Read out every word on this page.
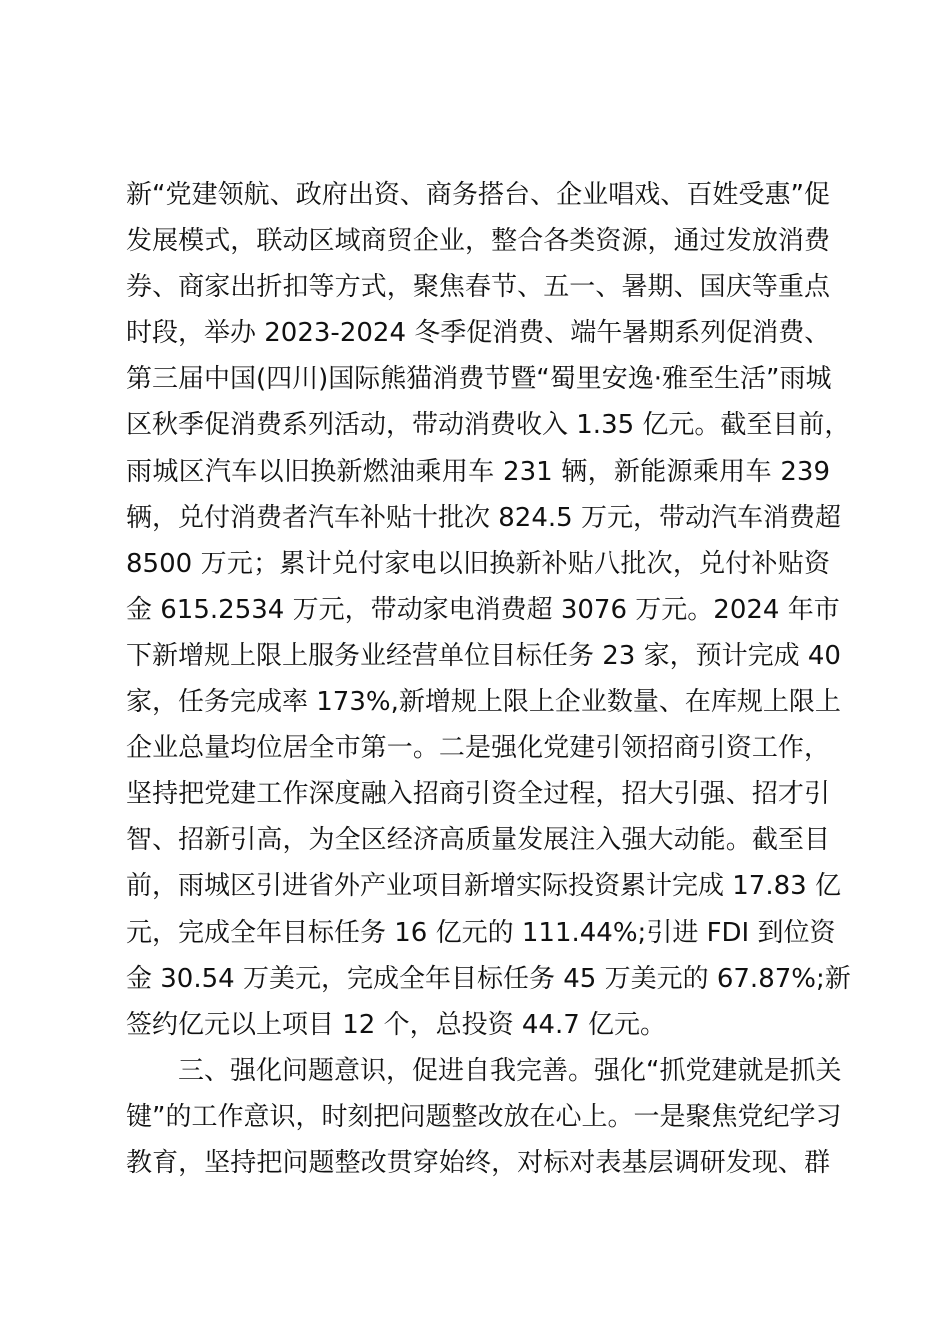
新“党建领航、政府出资、商务搭台、企业唱戏、百姓受惠”促
发展模式，联动区域商贸企业，整合各类资源，通过发放消费
券、商家出折扣等方式，聚焦春节、五一、暑期、国庆等重点
时段，举办 2023-2024 冬季促消费、端午暑期系列促消费、
第三届中国(四川)国际熊猫消费节暨“蜀里安逸·雅至生活”雨城
区秋季促消费系列活动，带动消费收入 1.35 亿元。截至目前，
雨城区汽车以旧换新燃油乘用车 231 辆，新能源乘用车 239
辆，兑付消费者汽车补贴十批次 824.5 万元，带动汽车消费超
8500 万元；累计兑付家电以旧换新补贴八批次，兑付补贴资
金 615.2534 万元，带动家电消费超 3076 万元。2024 年市
下新增规上限上服务业经营单位目标任务 23 家，预计完成 40
家，任务完成率 173%,新增规上限上企业数量、在库规上限上
企业总量均位居全市第一。二是强化党建引领招商引资工作，
坚持把党建工作深度融入招商引资全过程，招大引强、招才引
智、招新引高，为全区经济高质量发展注入强大动能。截至目
前，雨城区引进省外产业项目新增实际投资累计完成 17.83 亿
元，完成全年目标任务 16 亿元的 111.44%;引进 FDI 到位资
金 30.54 万美元，完成全年目标任务 45 万美元的 67.87%;新
签约亿元以上项目 12 个，总投资 44.7 亿元。
三、强化问题意识，促进自我完善。强化“抓党建就是抓关
键”的工作意识，时刻把问题整改放在心上。一是聚焦党纪学习
教育，坚持把问题整改贯穿始终，对标对表基层调研发现、群
